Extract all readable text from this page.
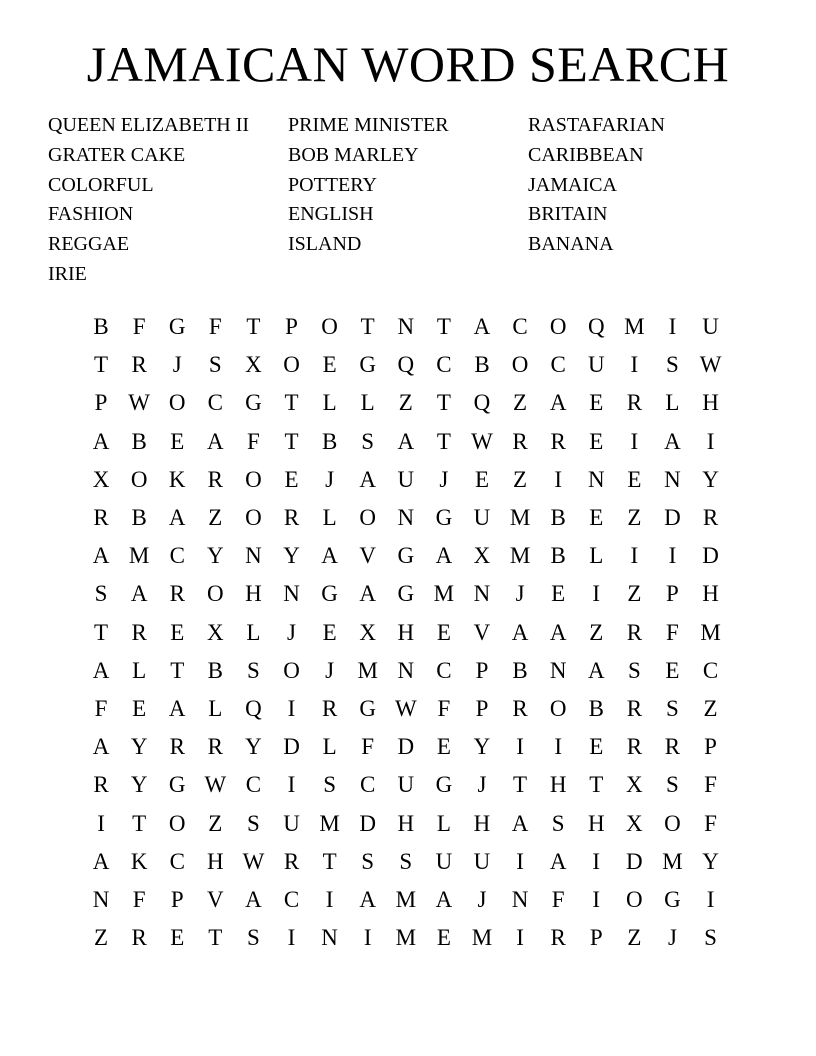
JAMAICAN WORD SEARCH
QUEEN ELIZABETH II	PRIME MINISTER	RASTAFARIAN
GRATER CAKE	BOB MARLEY	CARIBBEAN
COLORFUL	POTTERY	JAMAICA
FASHION	ENGLISH	BRITAIN
REGGAE	ISLAND	BANANA
IRIE
B	F	G	F	T	P	O T N T A C O Q M	I	U
T	R	J	S	X O E G Q C B O C U	I	S W
P W O C G T	L	L	Z	T Q Z A E	R	L H
A B	E A	F	T	B	S	A T W R R	E	I	A	I
X O K R O E	J	A U	J	E	Z	I	N E N Y
R B A Z O R	L O N G U M B	E	Z D R
A M C Y N Y A V G A X M B	L	I	I	D
S	A R O H N G A G M N	J	E	I	Z	P	H
T	R	E X L	J	E X H E V A A Z	R	F M
A L	T	B	S	O	J	M N C	P	B N A	S	E	C
F	E A L Q	I	R G W F	P	R O B R	S	Z
A Y R R Y D L	F	D E Y	I	I	E	R R	P
R Y G W C	I	S	C U G	J	T H T X	S	F
I	T O Z	S	U M D H L H A	S	H X O	F
A K C H W R	T	S	S	U U	I	A	I	D M Y
N	F	P	V A C	I	A M A	J	N	F	I	O G	I
Z	R	E	T	S	I	N	I	M E M	I	R	P	Z	J	S
